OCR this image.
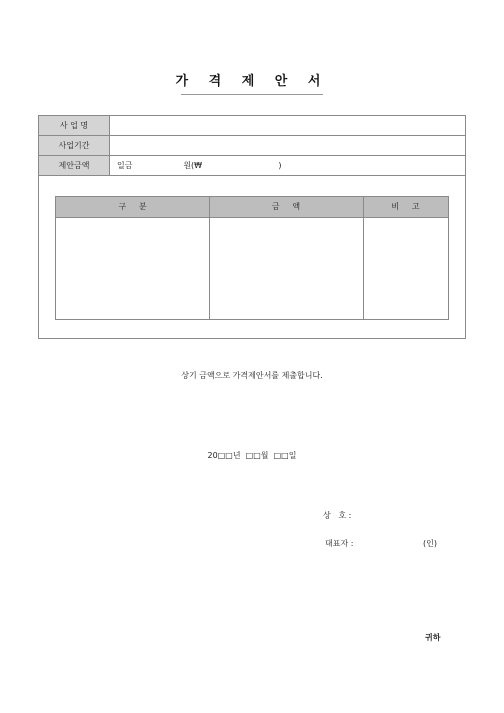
가 격 제 안 서
사 업 명
사업기간
제안금액	일금                    원(₩                              )
구     분	금     액	비     고
상기 금액으로 가격제안서를 제출합니다.
20□□년  □□월  □□일
상   호 :
대표자 :	(인)
귀하
